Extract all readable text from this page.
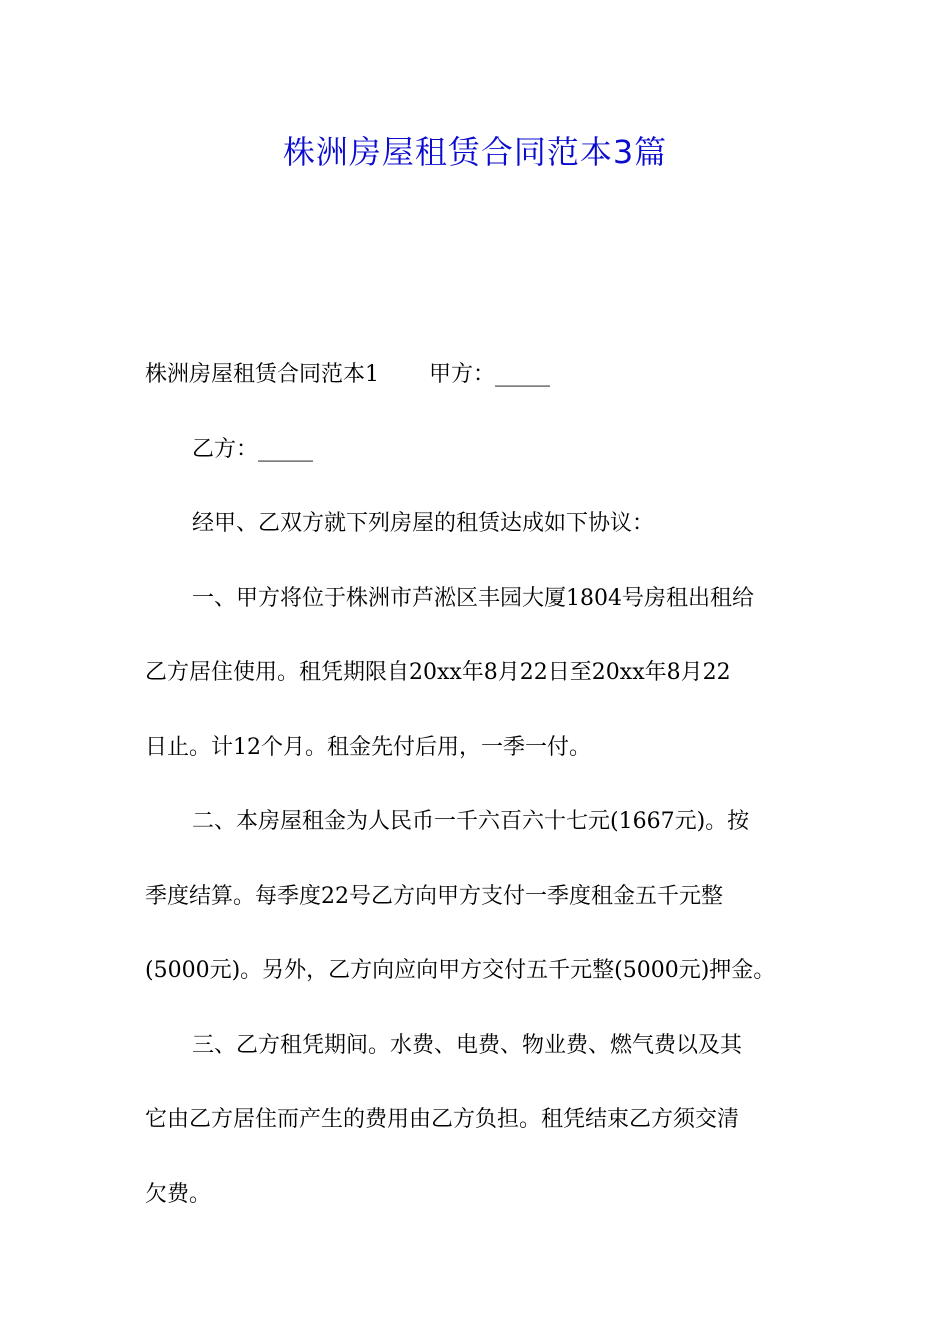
株洲房屋租赁合同范本3篇
株洲房屋租赁合同范本1 甲方：_____
乙方：_____
经甲、乙双方就下列房屋的租赁达成如下协议：
一、甲方将位于株洲市芦淞区丰园大厦1804号房租出租给
乙方居住使用。租凭期限自20xx年8月22日至20xx年8月22
日止。计12个月。租金先付后用，一季一付。
二、本房屋租金为人民币一千六百六十七元(1667元)。按
季度结算。每季度22号乙方向甲方支付一季度租金五千元整
(5000元)。另外，乙方向应向甲方交付五千元整(5000元)押金。
三、乙方租凭期间。水费、电费、物业费、燃气费以及其
它由乙方居住而产生的费用由乙方负担。租凭结束乙方须交清
欠费。
